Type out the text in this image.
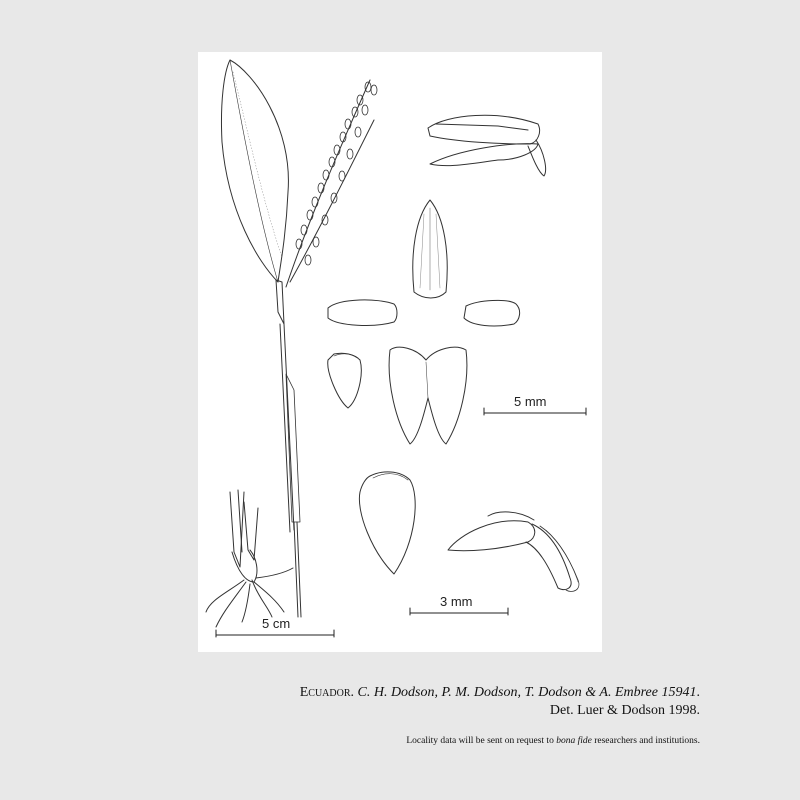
5 mm
3 mm
5 cm
Ecuador. C. H. Dodson, P. M. Dodson, T. Dodson & A. Embree 15941.
Det. Luer & Dodson 1998.
Locality data will be sent on request to bona fide researchers and institutions.
